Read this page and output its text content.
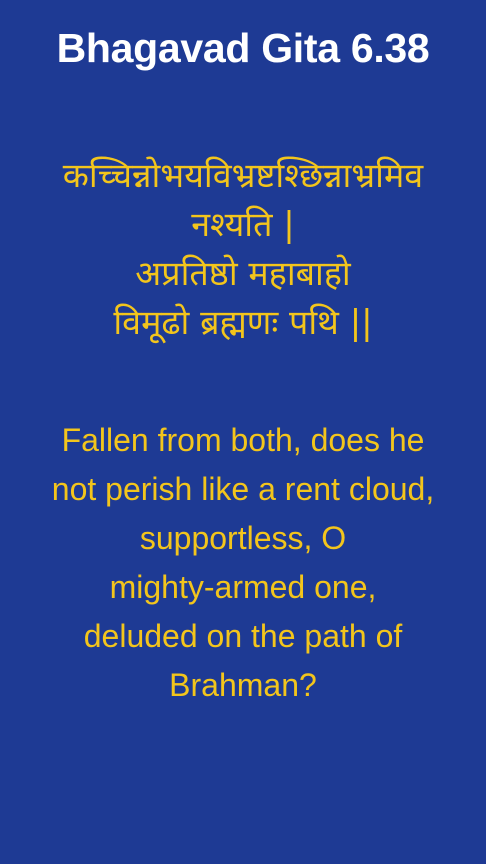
Bhagavad Gita 6.38
कच्चिन्नोभयविभ्रष्टश्छिन्नाभ्रमिव
नश्यति |
अप्रतिष्ठो महाबाहो
विमूढो ब्रह्मणः पथि ||
Fallen from both, does he
not perish like a rent cloud,
supportless, O
mighty-armed one,
deluded on the path of
Brahman?
